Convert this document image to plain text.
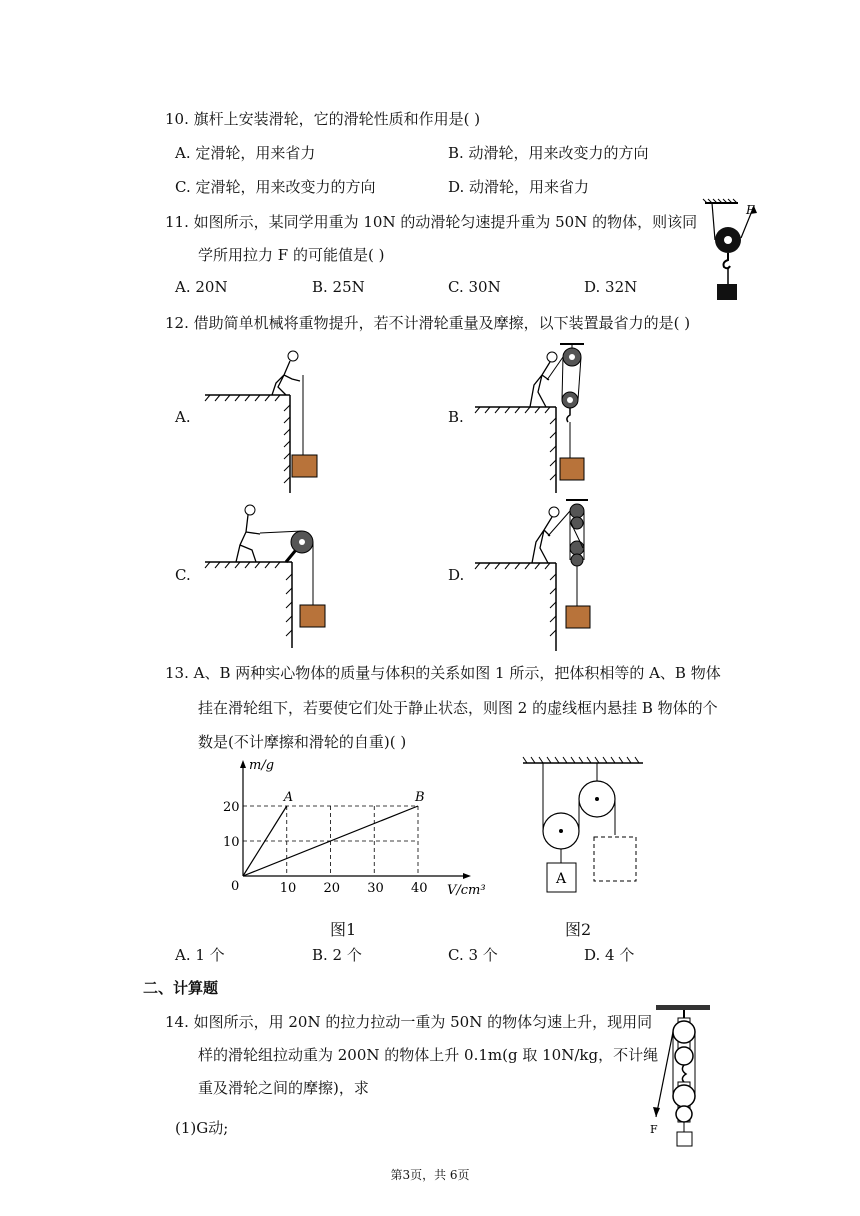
10. 旗杆上安装滑轮，它的滑轮性质和作用是( )
A. 定滑轮，用来省力	B. 动滑轮，用来改变力的方向
C. 定滑轮，用来改变力的方向	D. 动滑轮，用来省力
11. 如图所示，某同学用重为 10N 的动滑轮匀速提升重为 50N 的物体，则该同
学所用拉力 F 的可能值是( )
A. 20N	B. 25N	C. 30N	D. 32N
F
12. 借助简单机械将重物提升，若不计滑轮重量及摩擦，以下装置最省力的是( )
A.	B.
C.	D.
13. A、B 两种实心物体的质量与体积的关系如图 1 所示，把体积相等的 A、B 物体
挂在滑轮组下，若要使它们处于静止状态，则图 2 的虚线框内悬挂 B 物体的个
数是(不计摩擦和滑轮的自重)( )
A	B
10
20
10 20 30 40
m/g
V/cm³
0
图1
A
图2
A. 1 个	B. 2 个	C. 3 个	D. 4 个
二、计算题
14. 如图所示，用 20N 的拉力拉动一重为 50N 的物体匀速上升，现用同
样的滑轮组拉动重为 200N 的物体上升 0.1m(g 取 10N/kg，不计绳
重及滑轮之间的摩擦)，求
(1)G动;	F
第3页，共 6页
